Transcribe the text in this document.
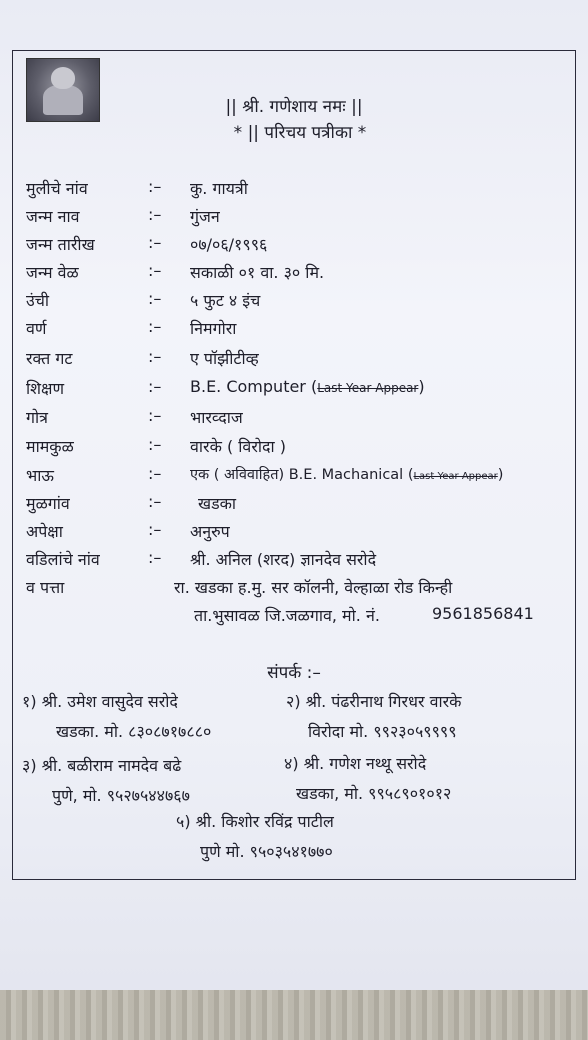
|| श्री. गणेशाय नमः ||
* || परिचय पत्रीका *
मुलीचे नांव	:– कु. गायत्री
जन्म नाव	:– गुंजन
जन्म तारीख	:– ०७/०६/१९९६
जन्म वेळ	:– सकाळी ०१ वा. ३० मि.
उंची	:– ५ फुट ४ इंच
वर्ण	:– निमगोरा
रक्त गट	:– ए पॉझीटीव्ह
शिक्षण	:– B.E. Computer (Last Year Appear)
गोत्र	:– भारव्दाज
मामकुळ	:– वारके ( विरोदा )
भाऊ	:– एक ( अविवाहित) B.E. Machanical (Last Year Appear)
मुळगांव	:– खडका
अपेक्षा	:– अनुरुप
वडिलांचे नांव	:– श्री. अनिल (शरद) ज्ञानदेव सरोदे
व पत्ता	रा. खडका ह.मु. सर कॉलनी, वेल्हाळा रोड किन्ही
ता.भुसावळ जि.जळगाव, मो. नं.	9561856841
संपर्क :–
१) श्री. उमेश वासुदेव सरोदे
खडका. मो. ८३०८७१७८८०
२) श्री. पंढरीनाथ गिरधर वारके
विरोदा मो. ९९२३०५९९९९
३) श्री. बळीराम नामदेव बढे
पुणे, मो. ९५२७५४४७६७
४) श्री. गणेश नथ्थू सरोदे
खडका, मो. ९९५८९०१०१२
५) श्री. किशोर रविंद्र पाटील
पुणे मो. ९५०३५४१७७०
